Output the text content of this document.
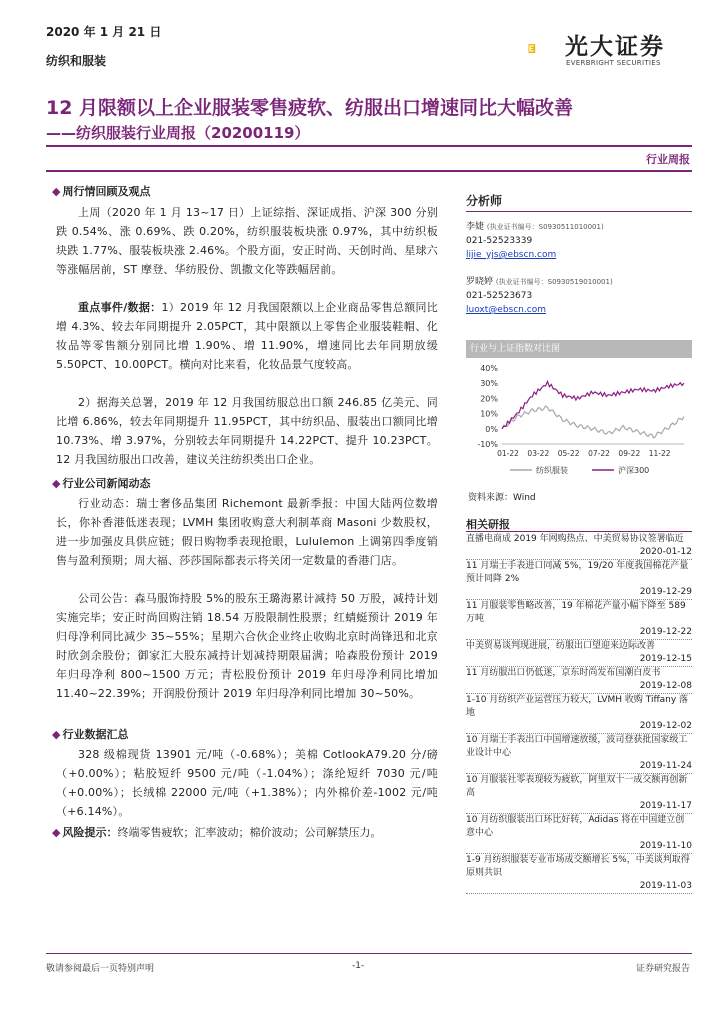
2020 年 1 月 21 日
纺织和服装
光大证券
EVERBRIGHT SECURITIES
12 月限额以上企业服装零售疲软、纺服出口增速同比大幅改善
——纺织服装行业周报（20200119）
行业周报
◆ 周行情回顾及观点
上周（2020 年 1 月 13~17 日）上证综指、深证成指、沪深 300 分别跌 0.54%、涨 0.69%、跌 0.20%，纺织服装板块涨 0.97%，其中纺织板块跌 1.77%、服装板块涨 2.46%。个股方面，安正时尚、天创时尚、星球六等涨幅居前，ST 摩登、华纺股份、凯撒文化等跌幅居前。
重点事件/数据：1）2019 年 12 月我国限额以上企业商品零售总额同比增 4.3%、较去年同期提升 2.05PCT，其中限额以上零售企业服装鞋帽、化妆品等零售额分别同比增 1.90%、增 11.90%，增速同比去年同期放缓 5.50PCT、10.00PCT。横向对比来看，化妆品景气度较高。
2）据海关总署，2019 年 12 月我国纺服总出口额 246.85 亿美元、同比增 6.86%，较去年同期提升 11.95PCT，其中纺织品、服装出口额同比增 10.73%、增 3.97%，分别较去年同期提升 14.22PCT、提升 10.23PCT。12 月我国纺服出口改善，建议关注纺织类出口企业。
◆ 行业公司新闻动态
行业动态：瑞士奢侈品集团 Richemont 最新季报：中国大陆两位数增长，你补香港低迷表现；LVMH 集团收购意大利制革商 Masoni 少数股权，进一步加强皮具供应链；假日购物季表现抢眼，Lululemon 上调第四季度销售与盈利预期；周大福、莎莎国际都表示将关闭一定数量的香港门店。
公司公告：森马服饰持股 5%的股东王璐海累计减持 50 万股，减持计划实施完毕；安正时尚回购注销 18.54 万股限制性股票；红蜻蜓预计 2019 年归母净利同比减少 35~55%；星期六合伙企业终止收购北京时尚锋迅和北京时欣剑余股份；御家汇大股东减持计划减持期限届满；哈森股份预计 2019 年归母净利 800~1500 万元；青松股份预计 2019 年归母净利同比增加 11.40~22.39%；开润股份预计 2019 年归母净利同比增加 30~50%。
◆ 行业数据汇总
328 级棉现货 13901 元/吨（-0.68%）；美棉 CotlookA79.20 分/磅（+0.00%）；粘胶短纤 9500 元/吨（-1.04%）；涤纶短纤 7030 元/吨（+0.00%）；长绒棉 22000 元/吨（+1.38%）；内外棉价差-1002 元/吨（+6.14%）。
◆ 风险提示：终端零售疲软；汇率波动；棉价波动；公司解禁压力。
分析师
李婕 (执业证书编号：S0930511010001)
021-52523339
lijie_yjs@ebscn.com
罗晓婷 (执业证书编号：S0930519010001)
021-52523673
luoxt@ebscn.com
行业与上证指数对比图
40%
30%
20%
10%
0%
-10%
01-22 03-22 05-22 07-22 09-22 11-22
纺织服装	沪深300
资料来源：Wind
相关研报
直播电商成 2019 年网购热点、中美贸易协议签署临近
2020-01-12
11 月瑞士手表进口同减 5%，19/20 年度我国棉花产量预计同降 2%
2019-12-29
11 月服装零售略改善，19 年棉花产量小幅下降至 589 万吨
2019-12-22
中美贸易谈判现进展，纺服出口望迎来边际改善
2019-12-15
11 月纺服出口仍低迷，京东时尚发布国潮白皮书
2019-12-08
1-10 月纺织产业运营压力较大，LVMH 收购 Tiffany 落地
2019-12-02
10 月瑞士手表出口中国增速放缓，波司登获批国家级工业设计中心
2019-11-24
10 月服装社零表现较为疲软，阿里双十一成交额再创新高
2019-11-17
10 月纺织服装出口环比好转，Adidas 将在中国建立创意中心
2019-11-10
1-9 月纺织服装专业市场成交额增长 5%，中美谈判取得原则共识
2019-11-03
敬请参阅最后一页特别声明	-1-	证券研究报告
